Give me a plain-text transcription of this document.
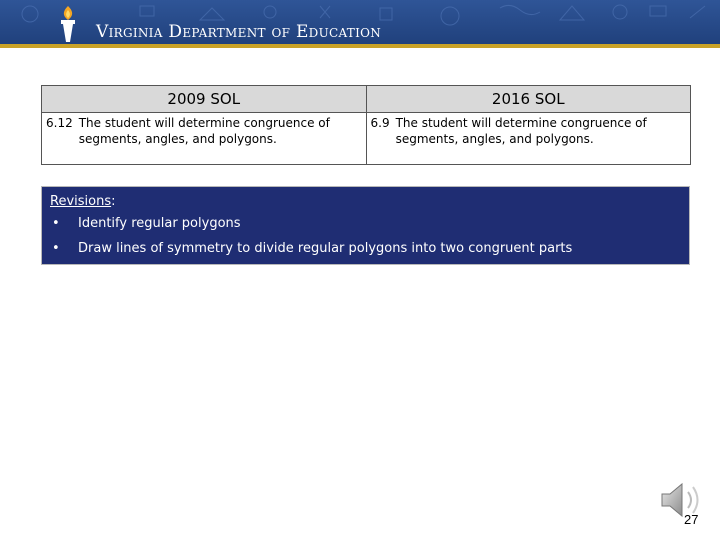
Virginia Department of Education
2009 SOL	2016 SOL

6.12 The student will determine congruence of segments, angles, and polygons.	6.9 The student will determine congruence of segments, angles, and polygons.
Revisions:
•	Identify regular polygons
•	Draw lines of symmetry to divide regular polygons into two congruent parts
27
